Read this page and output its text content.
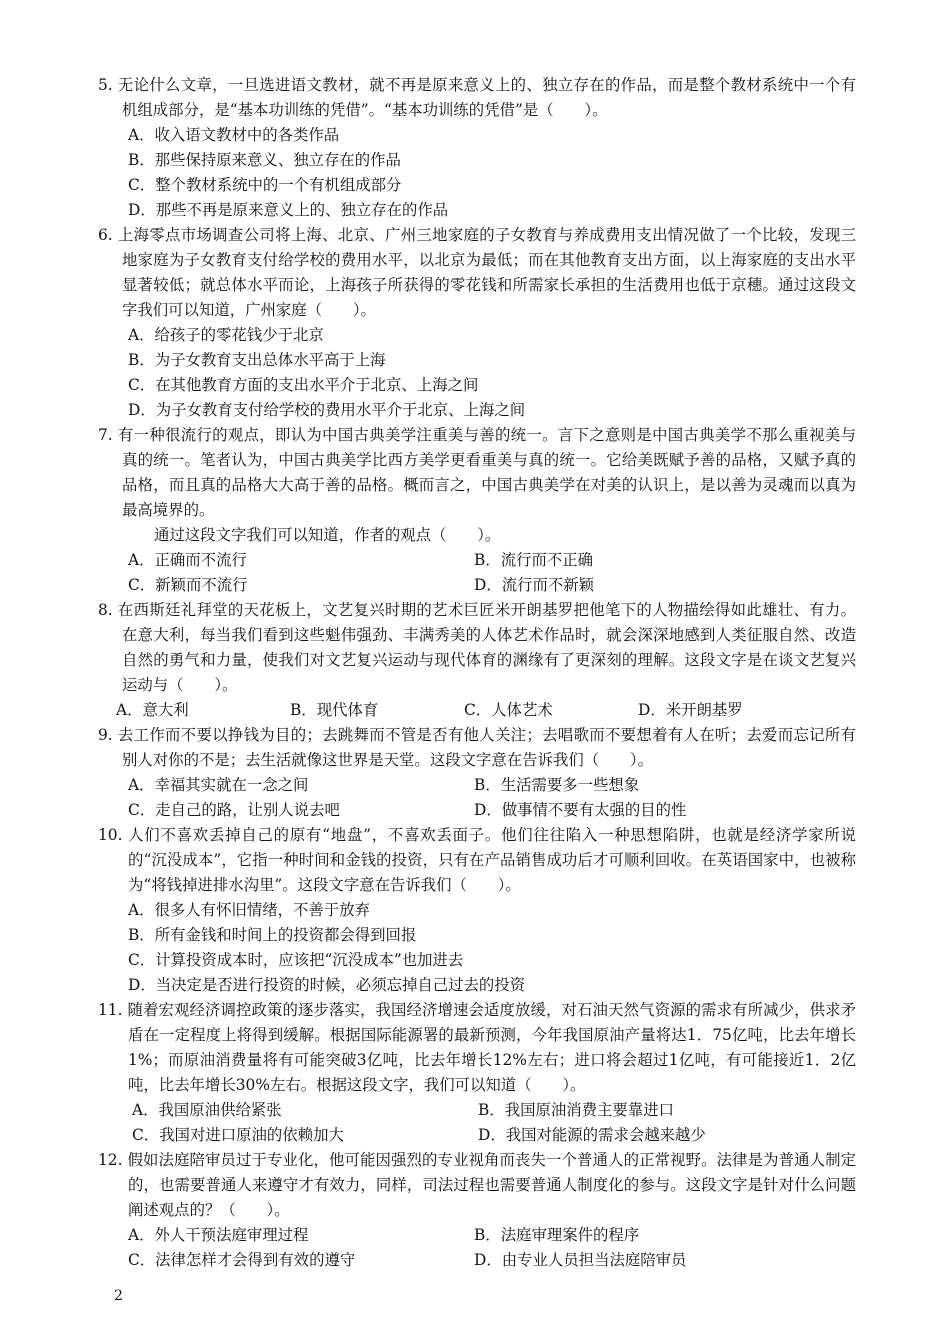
5. 无论什么文章，一旦选进语文教材，就不再是原来意义上的、独立存在的作品，而是整个教材系统中一个有机组成部分，是“基本功训练的凭借”。“基本功训练的凭借”是（　　）。

A．收入语文教材中的各类作品
B．那些保持原来意义、独立存在的作品
C．整个教材系统中的一个有机组成部分
D．那些不再是原来意义上的、独立存在的作品

6. 上海零点市场调查公司将上海、北京、广州三地家庭的子女教育与养成费用支出情况做了一个比较，发现三地家庭为子女教育支付给学校的费用水平，以北京为最低；而在其他教育支出方面，以上海家庭的支出水平显著较低；就总体水平而论，上海孩子所获得的零花钱和所需家长承担的生活费用也低于京穗。通过这段文字我们可以知道，广州家庭（　　）。

A．给孩子的零花钱少于北京
B．为子女教育支出总体水平高于上海
C．在其他教育方面的支出水平介于北京、上海之间
D．为子女教育支付给学校的费用水平介于北京、上海之间

7. 有一种很流行的观点，即认为中国古典美学注重美与善的统一。言下之意则是中国古典美学不那么重视美与真的统一。笔者认为，中国古典美学比西方美学更看重美与真的统一。它给美既赋予善的品格，又赋予真的品格，而且真的品格大大高于善的品格。概而言之，中国古典美学在对美的认识上，是以善为灵魂而以真为最高境界的。

通过这段文字我们可以知道，作者的观点（　　）。

A．正确而不流行	B．流行而不正确
C．新颖而不流行	D．流行而不新颖

8. 在西斯廷礼拜堂的天花板上，文艺复兴时期的艺术巨匠米开朗基罗把他笔下的人物描绘得如此雄壮、有力。在意大利，每当我们看到这些魁伟强劲、丰满秀美的人体艺术作品时，就会深深地感到人类征服自然、改造自然的勇气和力量，使我们对文艺复兴运动与现代体育的渊缘有了更深刻的理解。这段文字是在谈文艺复兴运动与（　　）。

A．意大利	B．现代体育	C．人体艺术	D．米开朗基罗

9. 去工作而不要以挣钱为目的；去跳舞而不管是否有他人关注；去唱歌而不要想着有人在听；去爱而忘记所有别人对你的不是；去生活就像这世界是天堂。这段文字意在告诉我们（　　）。

A．幸福其实就在一念之间	B．生活需要多一些想象
C．走自己的路，让别人说去吧	D．做事情不要有太强的目的性

10. 人们不喜欢丢掉自己的原有“地盘”，不喜欢丢面子。他们往往陷入一种思想陷阱，也就是经济学家所说的“沉没成本”，它指一种时间和金钱的投资，只有在产品销售成功后才可顺利回收。在英语国家中，也被称为“将钱掉进排水沟里”。这段文字意在告诉我们（　　）。

A．很多人有怀旧情绪，不善于放弃
B．所有金钱和时间上的投资都会得到回报
C．计算投资成本时，应该把“沉没成本”也加进去
D．当决定是否进行投资的时候，必须忘掉自己过去的投资

11. 随着宏观经济调控政策的逐步落实，我国经济增速会适度放缓，对石油天然气资源的需求有所减少，供求矛盾在一定程度上将得到缓解。根据国际能源署的最新预测，今年我国原油产量将达1．75亿吨，比去年增长1%；而原油消费量将有可能突破3亿吨，比去年增长12%左右；进口将会超过1亿吨，有可能接近1．2亿吨，比去年增长30%左右。根据这段文字，我们可以知道（　　）。

A．我国原油供给紧张	B．我国原油消费主要靠进口
C．我国对进口原油的依赖加大	D．我国对能源的需求会越来越少

12. 假如法庭陪审员过于专业化，他可能因强烈的专业视角而丧失一个普通人的正常视野。法律是为普通人制定的，也需要普通人来遵守才有效力，同样，司法过程也需要普通人制度化的参与。这段文字是针对什么问题阐述观点的？（　　）。

A．外人干预法庭审理过程	B．法庭审理案件的程序
C．法律怎样才会得到有效的遵守	D．由专业人员担当法庭陪审员
2
